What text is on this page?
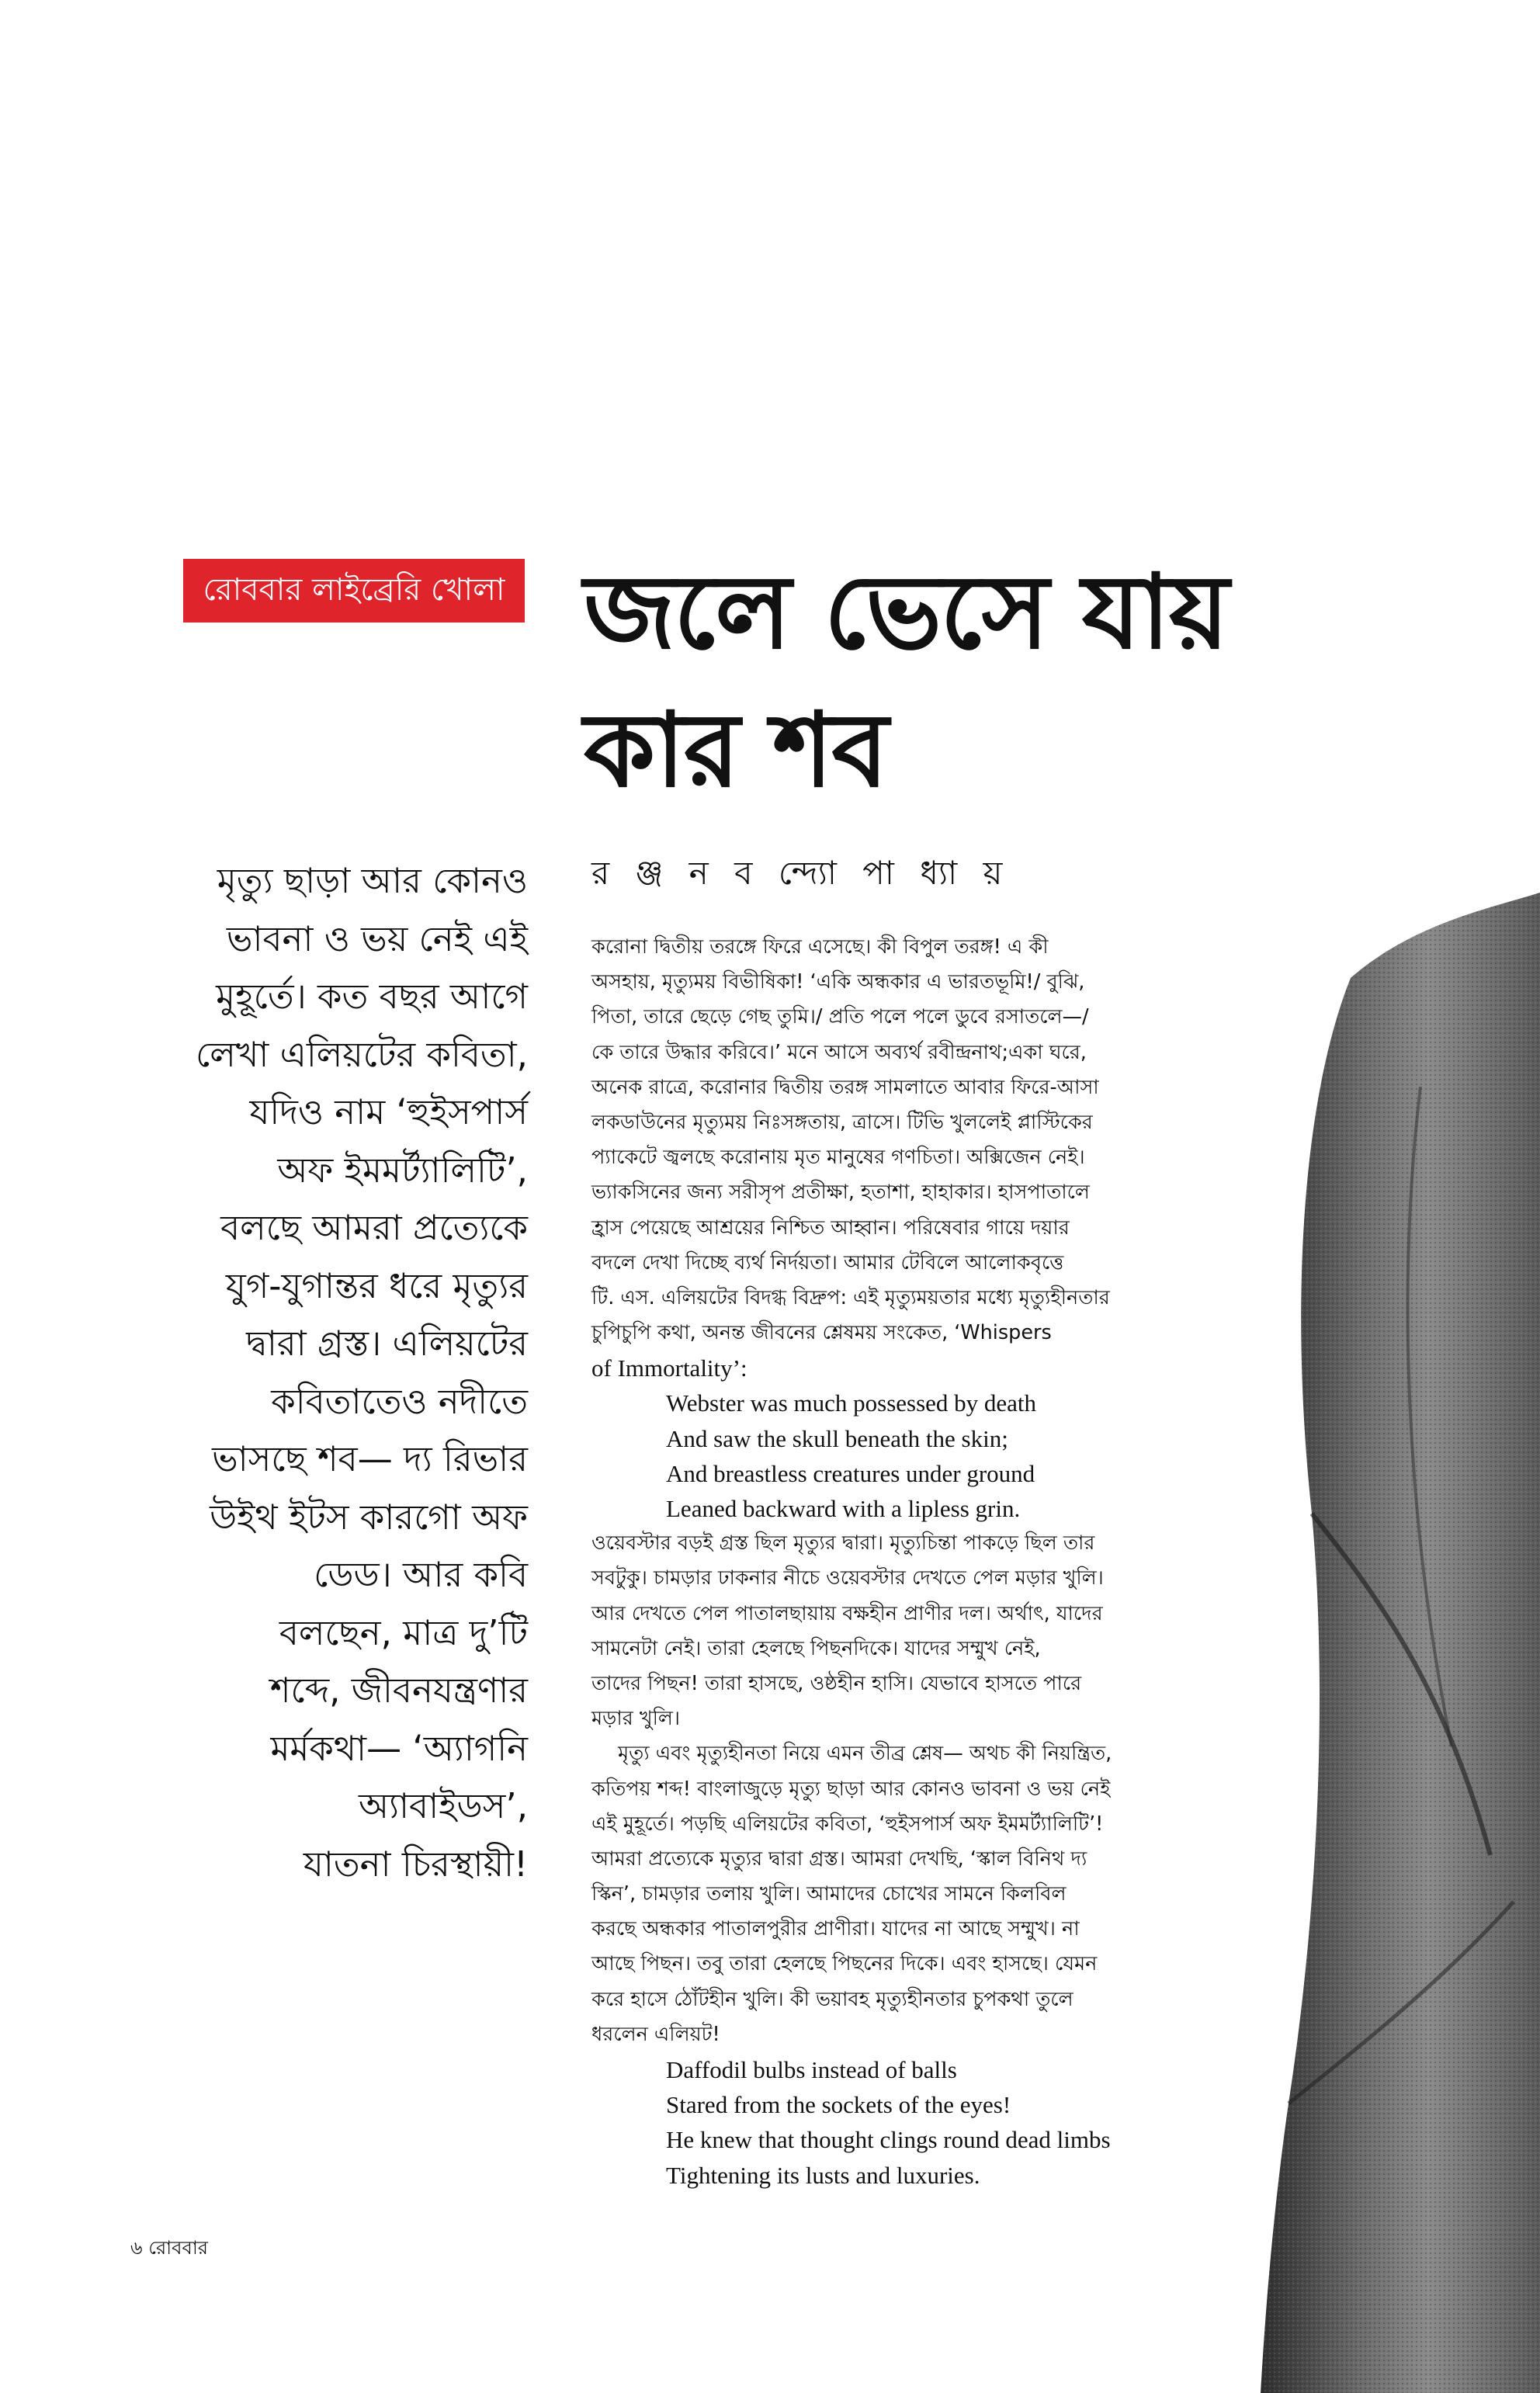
রোববার লাইব্রেরি খোলা জলে ভেসে যায়
কার শব
র ঞ্জ ন ব ন্দ্যো পা ধ্যা য়
মৃত্যু ছাড়া আর কোনও
ভাবনা ও ভয় নেই এই
মুহূর্তে। কত বছর আগে
লেখা এলিয়টের কবিতা,
যদিও নাম ‘হুইসপার্স
অফ ইমমর্ট্যালিটি’,
বলছে আমরা প্রত্যেকে
যুগ-যুগান্তর ধরে মৃত্যুর
দ্বারা গ্রস্ত। এলিয়টের
কবিতাতেও নদীতে
ভাসছে শব— দ্য রিভার
উইথ ইটস কারগো অফ
ডেড। আর কবি
বলছেন, মাত্র দু’টি
শব্দে, জীবনযন্ত্রণার
মর্মকথা— ‘অ্যাগনি
অ্যাবাইডস’,
যাতনা চিরস্থায়ী!
করোনা দ্বিতীয় তরঙ্গে ফিরে এসেছে। কী বিপুল তরঙ্গ! এ কী
অসহায়, মৃত্যুময় বিভীষিকা! ‘একি অন্ধকার এ ভারতভূমি!/ বুঝি,
পিতা, তারে ছেড়ে গেছ তুমি।/ প্রতি পলে পলে ডুবে রসাতলে—/
কে তারে উদ্ধার করিবে।’ মনে আসে অব্যর্থ রবীন্দ্রনাথ;একা ঘরে,
অনেক রাত্রে, করোনার দ্বিতীয় তরঙ্গ সামলাতে আবার ফিরে-আসা
লকডাউনের মৃত্যুময় নিঃসঙ্গতায়, ত্রাসে। টিভি খুললেই প্লাস্টিকের
প্যাকেটে জ্বলছে করোনায় মৃত মানুষের গণচিতা। অক্সিজেন নেই।
ভ্যাকসিনের জন্য সরীসৃপ প্রতীক্ষা, হতাশা, হাহাকার। হাসপাতালে
হ্রাস পেয়েছে আশ্রয়ের নিশ্চিত আহ্বান। পরিষেবার গায়ে দয়ার
বদলে দেখা দিচ্ছে ব্যর্থ নির্দয়তা। আমার টেবিলে আলোকবৃত্তে
টি. এস. এলিয়টের বিদগ্ধ বিদ্রুপ: এই মৃত্যুময়তার মধ্যে মৃত্যুহীনতার
চুপিচুপি কথা, অনন্ত জীবনের শ্লেষময় সংকেত, ‘Whispers
of Immortality’:
Webster was much possessed by death
And saw the skull beneath the skin;
And breastless creatures under ground
Leaned backward with a lipless grin.
ওয়েবস্টার বড়ই গ্রস্ত ছিল মৃত্যুর দ্বারা। মৃত্যুচিন্তা পাকড়ে ছিল তার
সবটুকু। চামড়ার ঢাকনার নীচে ওয়েবস্টার দেখতে পেল মড়ার খুলি।
আর দেখতে পেল পাতালছায়ায় বক্ষহীন প্রাণীর দল। অর্থাৎ, যাদের
সামনেটা নেই। তারা হেলছে পিছনদিকে। যাদের সম্মুখ নেই,
তাদের পিছন! তারা হাসছে, ওষ্ঠহীন হাসি। যেভাবে হাসতে পারে
মড়ার খুলি।
মৃত্যু এবং মৃত্যুহীনতা নিয়ে এমন তীব্র শ্লেষ— অথচ কী নিয়ন্ত্রিত,
কতিপয় শব্দ! বাংলাজুড়ে মৃত্যু ছাড়া আর কোনও ভাবনা ও ভয় নেই
এই মুহূর্তে। পড়ছি এলিয়টের কবিতা, ‘হুইসপার্স অফ ইমমর্ট্যালিটি’!
আমরা প্রত্যেকে মৃত্যুর দ্বারা গ্রস্ত। আমরা দেখছি, ‘স্কাল বিনিথ দ্য
স্কিন’, চামড়ার তলায় খুলি। আমাদের চোখের সামনে কিলবিল
করছে অন্ধকার পাতালপুরীর প্রাণীরা। যাদের না আছে সম্মুখ। না
আছে পিছন। তবু তারা হেলছে পিছনের দিকে। এবং হাসছে। যেমন
করে হাসে ঠোঁটহীন খুলি। কী ভয়াবহ মৃত্যুহীনতার চুপকথা তুলে
ধরলেন এলিয়ট!
Daffodil bulbs instead of balls
Stared from the sockets of the eyes!
He knew that thought clings round dead limbs
Tightening its lusts and luxuries.
৬ রোববার
